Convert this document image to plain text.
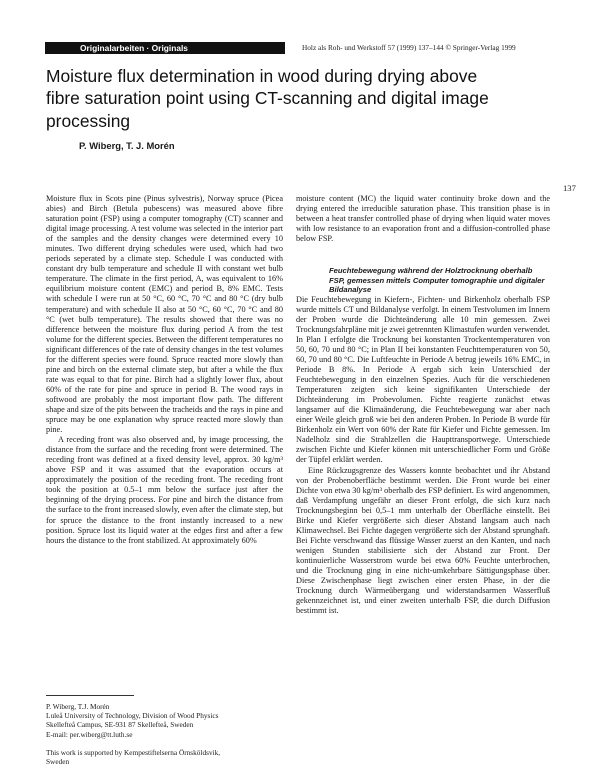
Originalarbeiten · Originals	Holz als Roh- und Werkstoff 57 (1999) 137–144 © Springer-Verlag 1999
Moisture flux determination in wood during drying above fibre saturation point using CT-scanning and digital image processing
P. Wiberg, T. J. Morén
137

Moisture flux in Scots pine (Pinus sylvestris), Norway spruce (Picea abies) and Birch (Betula pubescens) was measured above fibre saturation point (FSP) using a computer tomography (CT) scanner and digital image processing. A test volume was selected in the interior part of the samples and the density changes were determined every 10 minutes. Two different drying schedules were used, which had two periods seperated by a climate step. Schedule I was conducted with constant dry bulb temperature and schedule II with constant wet bulb temperature. The climate in the first period, A, was equivalent to 16% equilibrium moisture content (EMC) and period B, 8% EMC. Tests with schedule I were run at 50 °C, 60 °C, 70 °C and 80 °C (dry bulb temperature) and with schedule II also at 50 °C, 60 °C, 70 °C and 80 °C (wet bulb temperature). The results showed that there was no difference between the moisture flux during period A from the test volume for the different species. Between the different temperatures no significant differences of the rate of density changes in the test volumes for the different species were found. Spruce reacted more slowly than pine and birch on the external climate step, but after a while the flux rate was equal to that for pine. Birch had a slightly lower flux, about 60% of the rate for pine and spruce in period B. The wood rays in softwood are probably the most important flow path. The different shape and size of the pits between the tracheids and the rays in pine and spruce may be one explanation why spruce reacted more slowly than pine.

A receding front was also observed and, by image processing, the distance from the surface and the receding front were determined. The receding front was defined at a fixed density level, approx. 30 kg/m³ above FSP and it was assumed that the evaporation occurs at approximately the position of the receding front. The receding front took the position at 0.5–1 mm below the surface just after the beginning of the drying process. For pine and birch the distance from the surface to the front increased slowly, even after the climate step, but for spruce the distance to the front instantly increased to a new position. Spruce lost its liquid water at the edges first and after a few hours the distance to the front stabilized. At approximately 60%

moisture content (MC) the liquid water continuity broke down and the drying entered the irreducible saturation phase. This transition phase is in between a heat transfer controlled phase of drying when liquid water moves with low resistance to an evaporation front and a diffusion-controlled phase below FSP.

Feuchtebewegung während der Holztrocknung oberhalb FSP, gemessen mittels Computer tomographie und digitaler Bildanalyse

Die Feuchtebewegung in Kiefern-, Fichten- und Birkenholz oberhalb FSP wurde mittels CT und Bildanalyse verfolgt. In einem Testvolumen im Innern der Proben wurde die Dichteänderung alle 10 min gemessen. Zwei Trocknungsfahrpläne mit je zwei getrennten Klimastufen wurden verwendet. In Plan I erfolgte die Trocknung bei konstanten Trockentemperaturen von 50, 60, 70 und 80 °C; in Plan II bei konstanten Feuchttemperaturen von 50, 60, 70 und 80 °C. Die Luftfeuchte in Periode A betrug jeweils 16% EMC, in Periode B 8%. In Periode A ergab sich kein Unterschied der Feuchtebewegung in den einzelnen Spezies. Auch für die verschiedenen Temperaturen zeigten sich keine signifikanten Unterschiede der Dichteänderung im Probevolumen. Fichte reagierte zunächst etwas langsamer auf die Klimaänderung, die Feuchtebewegung war aber nach einer Weile gleich groß wie bei den anderen Proben. In Periode B wurde für Birkenholz ein Wert von 60% der Rate für Kiefer und Fichte gemessen. Im Nadelholz sind die Strahlzellen die Haupttransportwege. Unterschiede zwischen Fichte und Kiefer können mit unterschiedlicher Form und Größe der Tüpfel erklärt werden.

Eine Rückzugsgrenze des Wassers konnte beobachtet und ihr Abstand von der Probenoberfläche bestimmt werden. Die Front wurde bei einer Dichte von etwa 30 kg/m³ oberhalb des FSP definiert. Es wird angenommen, daß Verdampfung ungefähr an dieser Front erfolgt, die sich kurz nach Trocknungsbeginn bei 0,5–1 mm unterhalb der Oberfläche einstellt. Bei Birke und Kiefer vergrößerte sich dieser Abstand langsam auch nach Klimawechsel. Bei Fichte dagegen vergrößerte sich der Abstand sprunghaft. Bei Fichte verschwand das flüssige Wasser zuerst an den Kanten, und nach wenigen Stunden stabilisierte sich der Abstand zur Front. Der kontinuierliche Wasserstrom wurde bei etwa 60% Feuchte unterbrochen, und die Trocknung ging in eine nicht-umkehrbare Sättigungsphase über. Diese Zwischenphase liegt zwischen einer ersten Phase, in der die Trocknung durch Wärmeübergang und widerstandsarmen Wasserfluß gekennzeichnet ist, und einer zweiten unterhalb FSP, die durch Diffusion bestimmt ist.

P. Wiberg, T.J. Morén
Luleå University of Technology, Division of Wood Physics
Skellefteå Campus, SE-931 87 Skellefteå, Sweden
E-mail: per.wiberg@tt.luth.se
This work is supported by Kempestiftelserna Örnsköldsvik,
Sweden
